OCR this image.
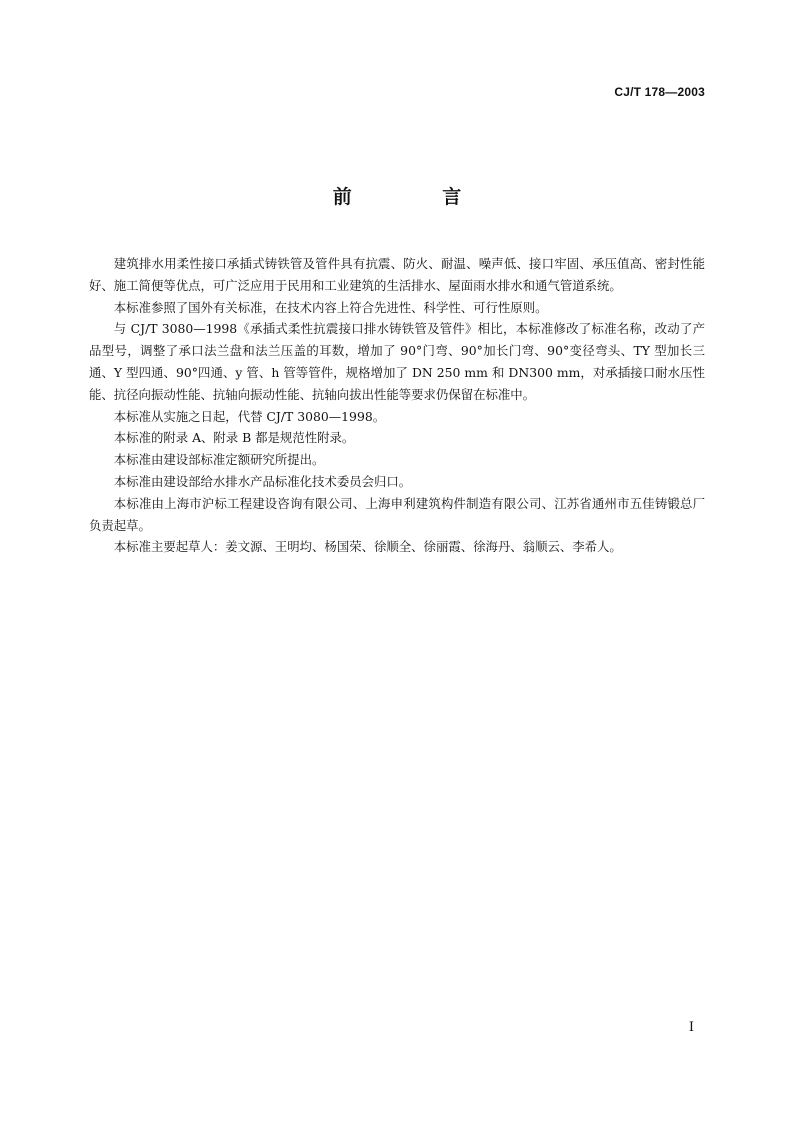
CJ/T 178—2003
前 言

建筑排水用柔性接口承插式铸铁管及管件具有抗震、防火、耐温、噪声低、接口牢固、承压值高、密封性能好、施工简便等优点，可广泛应用于民用和工业建筑的生活排水、屋面雨水排水和通气管道系统。

本标准参照了国外有关标准，在技术内容上符合先进性、科学性、可行性原则。

与 CJ/T 3080—1998《承插式柔性抗震接口排水铸铁管及管件》相比，本标准修改了标准名称，改动了产品型号，调整了承口法兰盘和法兰压盖的耳数，增加了 90°门弯、90°加长门弯、90°变径弯头、TY 型加长三通、Y 型四通、90°四通、y 管、h 管等管件，规格增加了 DN 250 mm 和 DN300 mm，对承插接口耐水压性能、抗径向振动性能、抗轴向振动性能、抗轴向拔出性能等要求仍保留在标准中。

本标准从实施之日起，代替 CJ/T 3080—1998。

本标准的附录 A、附录 B 都是规范性附录。

本标准由建设部标准定额研究所提出。

本标准由建设部给水排水产品标准化技术委员会归口。

本标准由上海市沪标工程建设咨询有限公司、上海申利建筑构件制造有限公司、江苏省通州市五佳铸锻总厂负责起草。

本标准主要起草人：姜文源、王明均、杨国荣、徐顺全、徐丽霞、徐海丹、翁顺云、李希人。

I
